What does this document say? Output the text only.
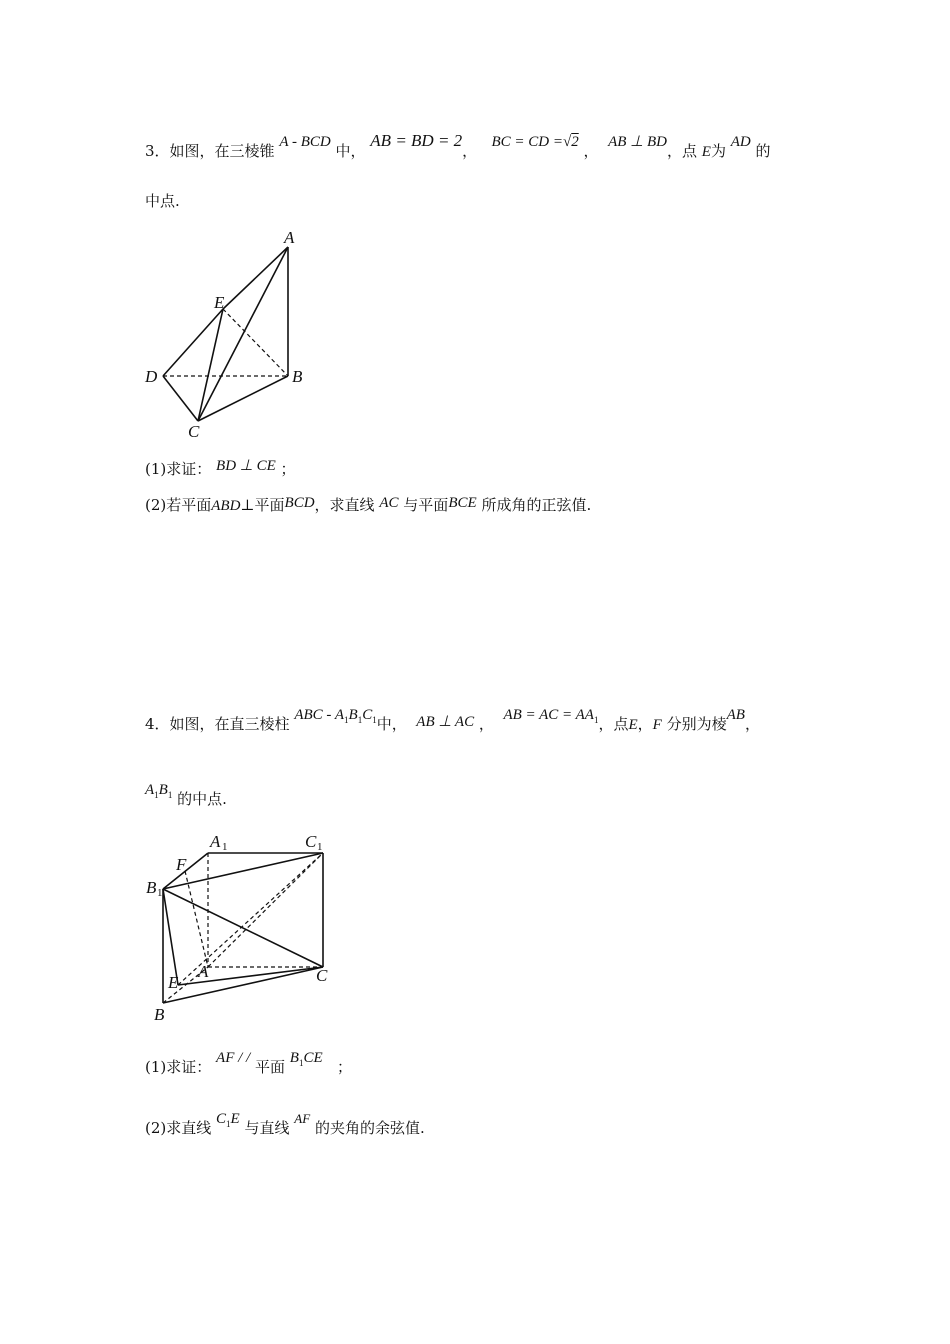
3．如图，在三棱锥 A - BCD 中， AB = BD = 2， BC = CD =√2 ， AB ⊥ BD，点 E为 AD 的
中点.
A
E
D	B
C
(1)求证： BD ⊥ CE ；
(2)若平面ABD⊥平面BCD，求直线 AC 与平面BCE 所成角的正弦值.
4．如图，在直三棱柱 ABC - $A_1B_1C_1$中， AB ⊥ AC ， AB = AC = $AA_1$，点E，F 分别为棱AB，
$A_1B_1$ 的中点.
A 1	C 1
F
B 1
E
A	C
B
(1)求证： AF / / 平面 $B_1CE$ ；
(2)求直线 $C_1E$ 与直线 AF 的夹角的余弦值.
